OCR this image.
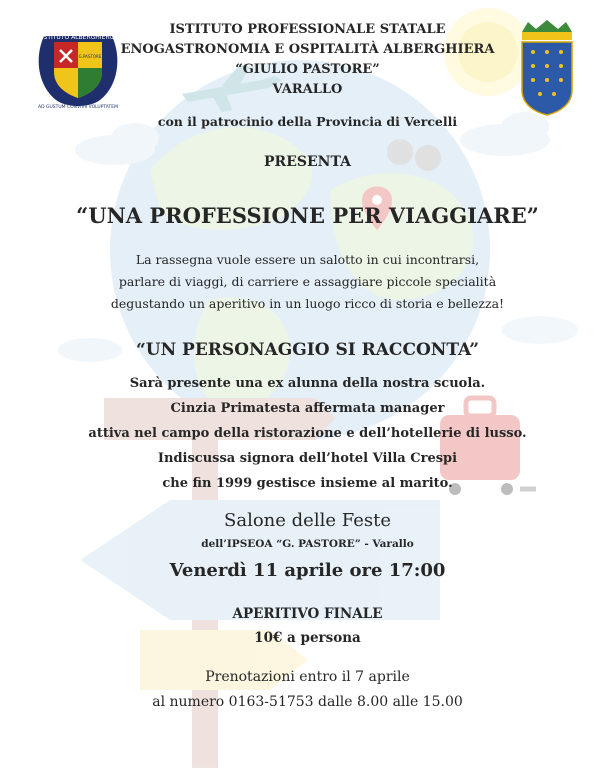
ISTITUTO ALBERGHIERO
G.PASTORE
AD GUSTUM CONVIVII VOLUPTATEM
ISTITUTO PROFESSIONALE STATALE
ENOGASTRONOMIA E OSPITALITÀ ALBERGHIERA
“GIULIO PASTORE”
VARALLO
con il patrocinio della Provincia di Vercelli
PRESENTA
“UNA PROFESSIONE PER VIAGGIARE”
La rassegna vuole essere un salotto in cui incontrarsi,
parlare di viaggi, di carriere e assaggiare piccole specialità
degustando un aperitivo in un luogo ricco di storia e bellezza!
“UN PERSONAGGIO SI RACCONTA”
Sarà presente una ex alunna della nostra scuola.
Cinzia Primatesta affermata manager
attiva nel campo della ristorazione e dell’hotellerie di lusso.
Indiscussa signora dell’hotel Villa Crespi
che fin 1999 gestisce insieme al marito.
Salone delle Feste
dell’IPSEOA “G. PASTORE” - Varallo
Venerdì 11 aprile ore 17:00
APERITIVO FINALE
10€ a persona
Prenotazioni entro il 7 aprile
al numero 0163-51753 dalle 8.00 alle 15.00
